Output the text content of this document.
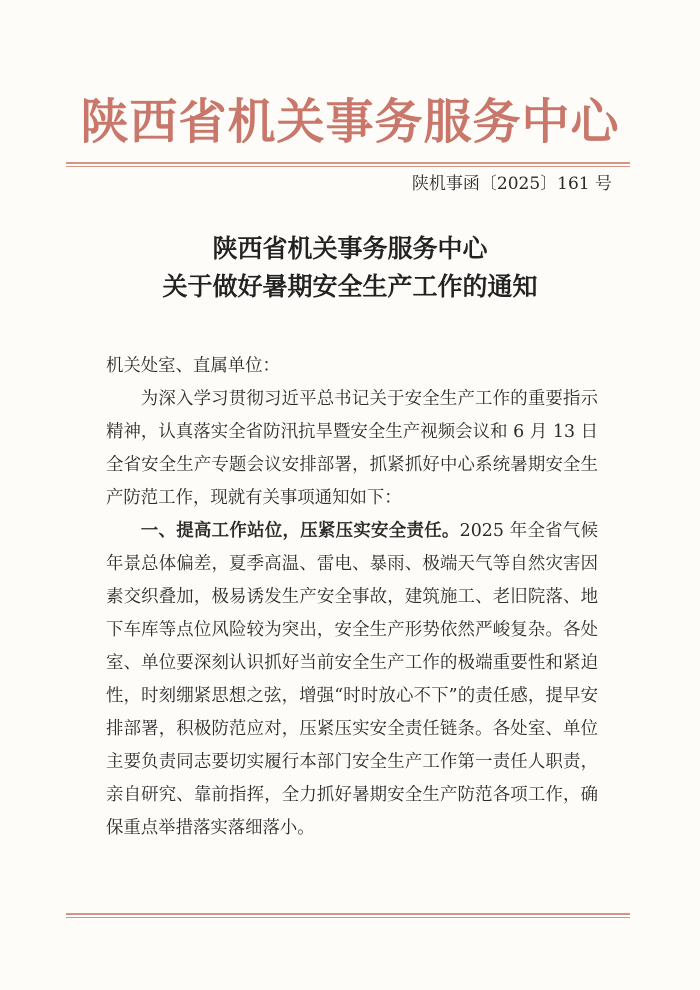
陕西省机关事务服务中心
陕机事函〔2025〕161 号
陕西省机关事务服务中心
关于做好暑期安全生产工作的通知

机关处室、直属单位：

为深入学习贯彻习近平总书记关于安全生产工作的重要指示精神，认真落实全省防汛抗旱暨安全生产视频会议和 6 月 13 日全省安全生产专题会议安排部署，抓紧抓好中心系统暑期安全生产防范工作，现就有关事项通知如下：

一、提高工作站位，压紧压实安全责任。2025 年全省气候年景总体偏差，夏季高温、雷电、暴雨、极端天气等自然灾害因素交织叠加，极易诱发生产安全事故，建筑施工、老旧院落、地下车库等点位风险较为突出，安全生产形势依然严峻复杂。各处室、单位要深刻认识抓好当前安全生产工作的极端重要性和紧迫性，时刻绷紧思想之弦，增强“时时放心不下”的责任感，提早安排部署，积极防范应对，压紧压实安全责任链条。各处室、单位主要负责同志要切实履行本部门安全生产工作第一责任人职责，亲自研究、靠前指挥，全力抓好暑期安全生产防范各项工作，确保重点举措落实落细落小。
